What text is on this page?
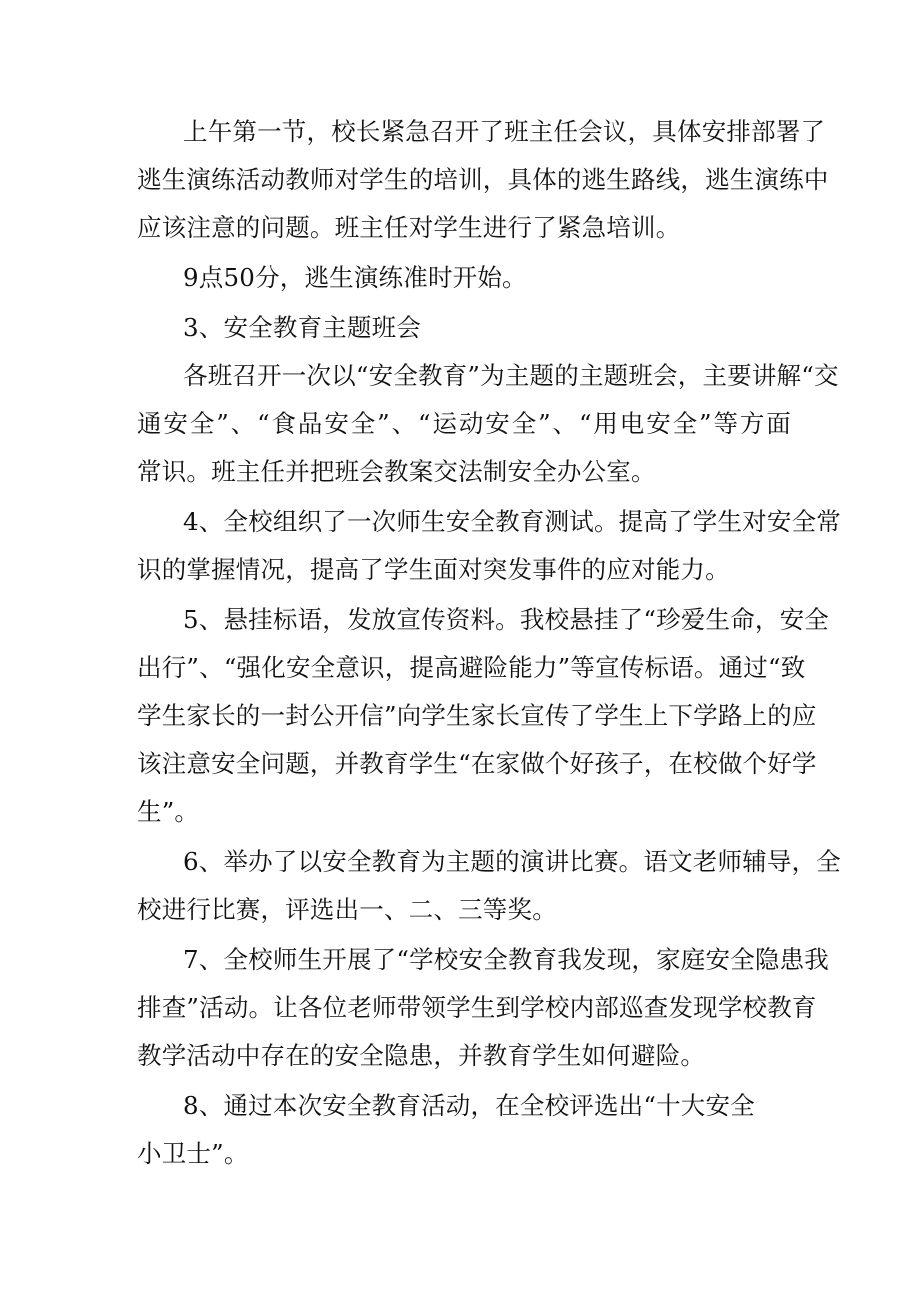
上午第一节，校长紧急召开了班主任会议，具体安排部署了
逃生演练活动教师对学生的培训，具体的逃生路线，逃生演练中
应该注意的问题。班主任对学生进行了紧急培训。
9点50分，逃生演练准时开始。
3、安全教育主题班会
各班召开一次以“安全教育”为主题的主题班会，主要讲解“交
通安全”、“食品安全”、“运动安全”、“用电安全”等方面
常识。班主任并把班会教案交法制安全办公室。
4、全校组织了一次师生安全教育测试。提高了学生对安全常
识的掌握情况，提高了学生面对突发事件的应对能力。
5、悬挂标语，发放宣传资料。我校悬挂了“珍爱生命，安全
出行”、“强化安全意识，提高避险能力”等宣传标语。通过“致
学生家长的一封公开信”向学生家长宣传了学生上下学路上的应
该注意安全问题，并教育学生“在家做个好孩子，在校做个好学
生”。
6、举办了以安全教育为主题的演讲比赛。语文老师辅导，全
校进行比赛，评选出一、二、三等奖。
7、全校师生开展了“学校安全教育我发现，家庭安全隐患我
排查”活动。让各位老师带领学生到学校内部巡查发现学校教育
教学活动中存在的安全隐患，并教育学生如何避险。
8、通过本次安全教育活动，在全校评选出“十大安全
小卫士”。
